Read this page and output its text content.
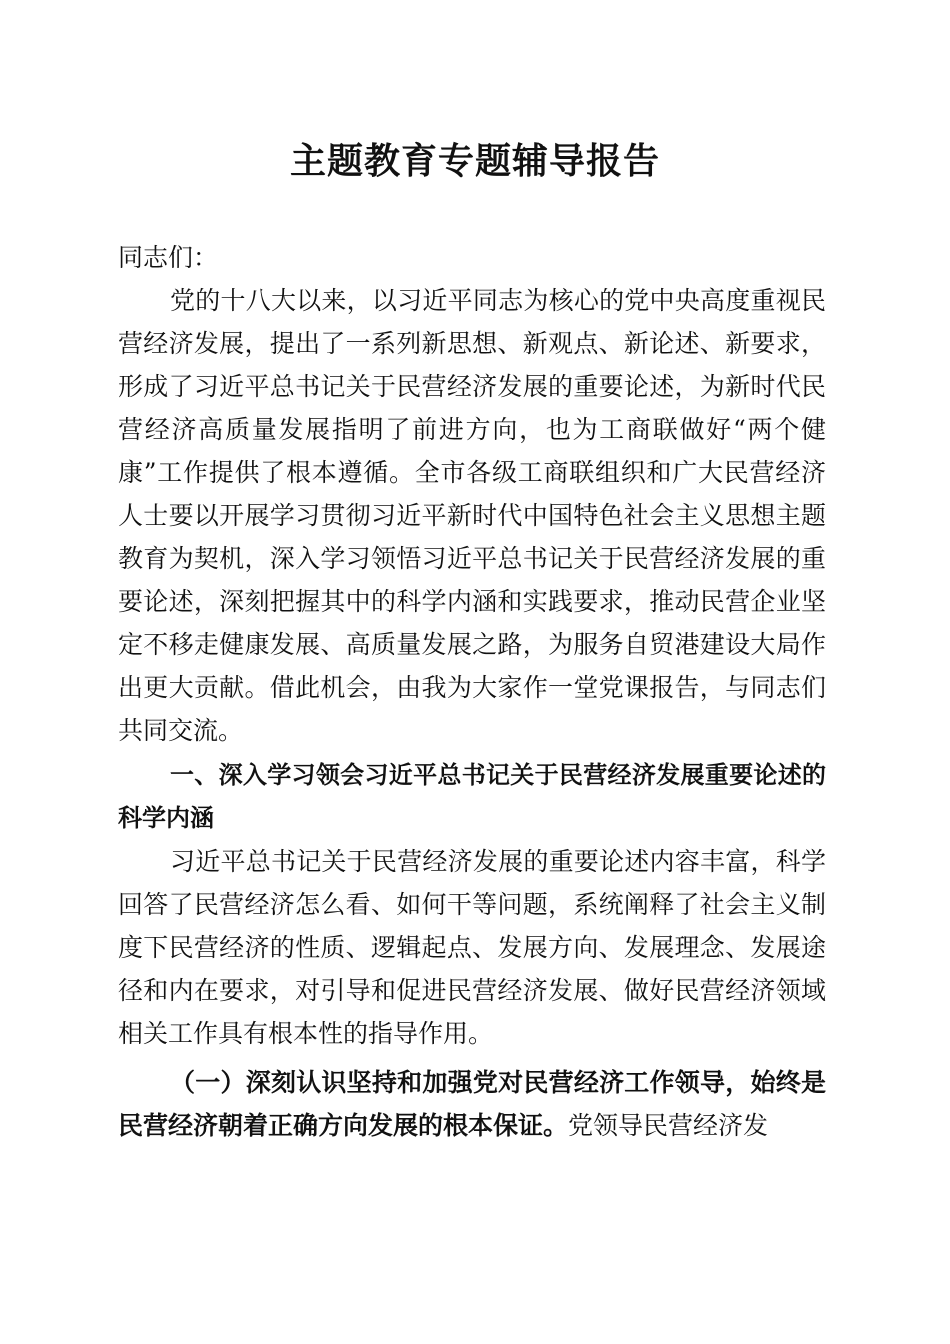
主题教育专题辅导报告

同志们：

党的十八大以来，以习近平同志为核心的党中央高度重视民营经济发展，提出了一系列新思想、新观点、新论述、新要求，形成了习近平总书记关于民营经济发展的重要论述，为新时代民营经济高质量发展指明了前进方向，也为工商联做好“两个健康”工作提供了根本遵循。全市各级工商联组织和广大民营经济人士要以开展学习贯彻习近平新时代中国特色社会主义思想主题教育为契机，深入学习领悟习近平总书记关于民营经济发展的重要论述，深刻把握其中的科学内涵和实践要求，推动民营企业坚定不移走健康发展、高质量发展之路，为服务自贸港建设大局作出更大贡献。借此机会，由我为大家作一堂党课报告，与同志们共同交流。

一、深入学习领会习近平总书记关于民营经济发展重要论述的科学内涵

习近平总书记关于民营经济发展的重要论述内容丰富，科学回答了民营经济怎么看、如何干等问题，系统阐释了社会主义制度下民营经济的性质、逻辑起点、发展方向、发展理念、发展途径和内在要求，对引导和促进民营经济发展、做好民营经济领域相关工作具有根本性的指导作用。

（一）深刻认识坚持和加强党对民营经济工作领导，始终是民营经济朝着正确方向发展的根本保证。党领导民营经济发
